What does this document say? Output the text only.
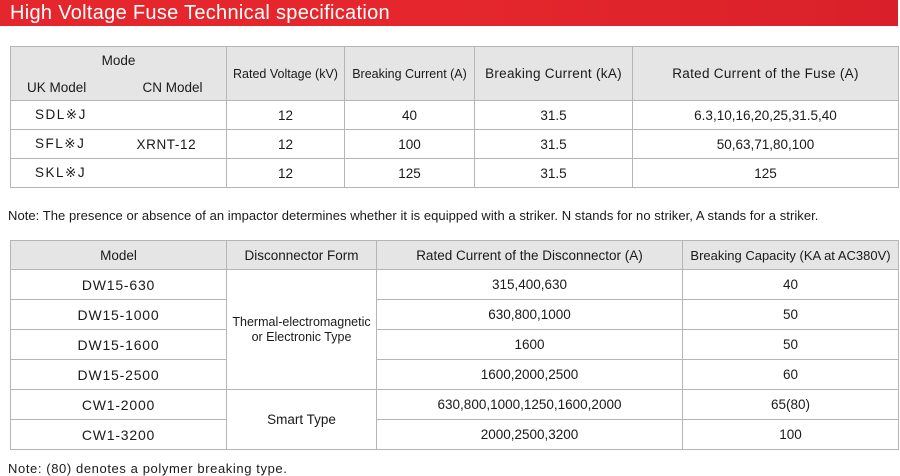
High Voltage Fuse Technical specification
Mode		Rated Voltage (kV)	Breaking Current (A)	Breaking Current (kA)	Rated Current of the Fuse (A)
UK Model	CN Model				
SDL※J		12	40	31.5	6.3,10,16,20,25,31.5,40
SFL※J	XRNT-12	12	100	31.5	50,63,71,80,100
SKL※J		12	125	31.5	125
Note: The presence or absence of an impactor determines whether it is equipped with a striker. N stands for no striker, A stands for a striker.
Model	Disconnector Form	Rated Current of the Disconnector (A)	Breaking Capacity (KA at AC380V)
DW15-630	Thermal-electromagnetic or Electronic Type	315,400,630	40
DW15-1000		630,800,1000	50
DW15-1600		1600	50
DW15-2500		1600,2000,2500	60
CW1-2000	Smart Type	630,800,1000,1250,1600,2000	65(80)
CW1-3200		2000,2500,3200	100
Note: (80) denotes a polymer breaking type.
